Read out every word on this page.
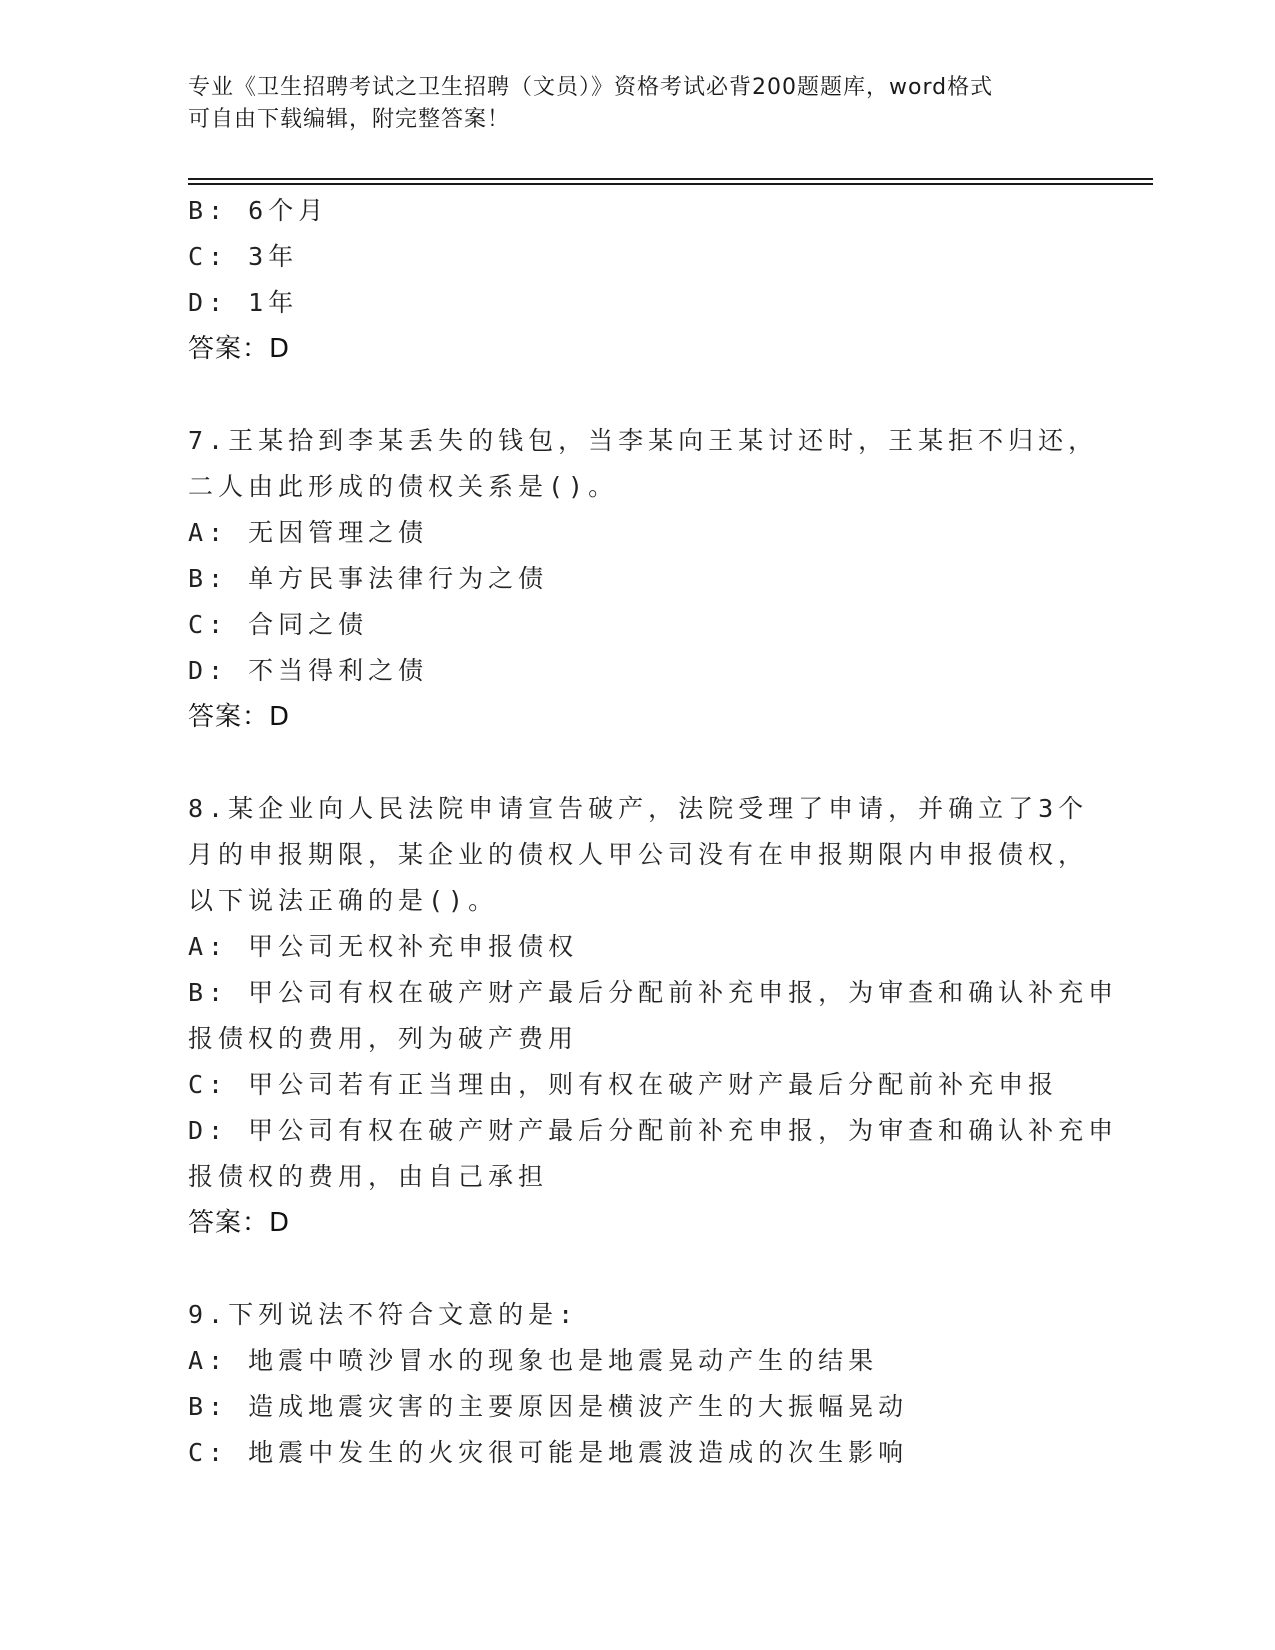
专业《卫生招聘考试之卫生招聘（文员）》资格考试必背200题题库，word格式
可自由下载编辑，附完整答案！
B: 6个月
C: 3年
D: 1年
答案：D
7.王某拾到李某丢失的钱包，当李某向王某讨还时，王某拒不归还，
二人由此形成的债权关系是()。
A: 无因管理之债
B: 单方民事法律行为之债
C: 合同之债
D: 不当得利之债
答案：D
8.某企业向人民法院申请宣告破产，法院受理了申请，并确立了3个
月的申报期限，某企业的债权人甲公司没有在申报期限内申报债权，
以下说法正确的是()。
A: 甲公司无权补充申报债权
B: 甲公司有权在破产财产最后分配前补充申报，为审查和确认补充申
报债权的费用，列为破产费用
C: 甲公司若有正当理由，则有权在破产财产最后分配前补充申报
D: 甲公司有权在破产财产最后分配前补充申报，为审查和确认补充申
报债权的费用，由自己承担
答案：D
9.下列说法不符合文意的是:
A: 地震中喷沙冒水的现象也是地震晃动产生的结果
B: 造成地震灾害的主要原因是横波产生的大振幅晃动
C: 地震中发生的火灾很可能是地震波造成的次生影响
